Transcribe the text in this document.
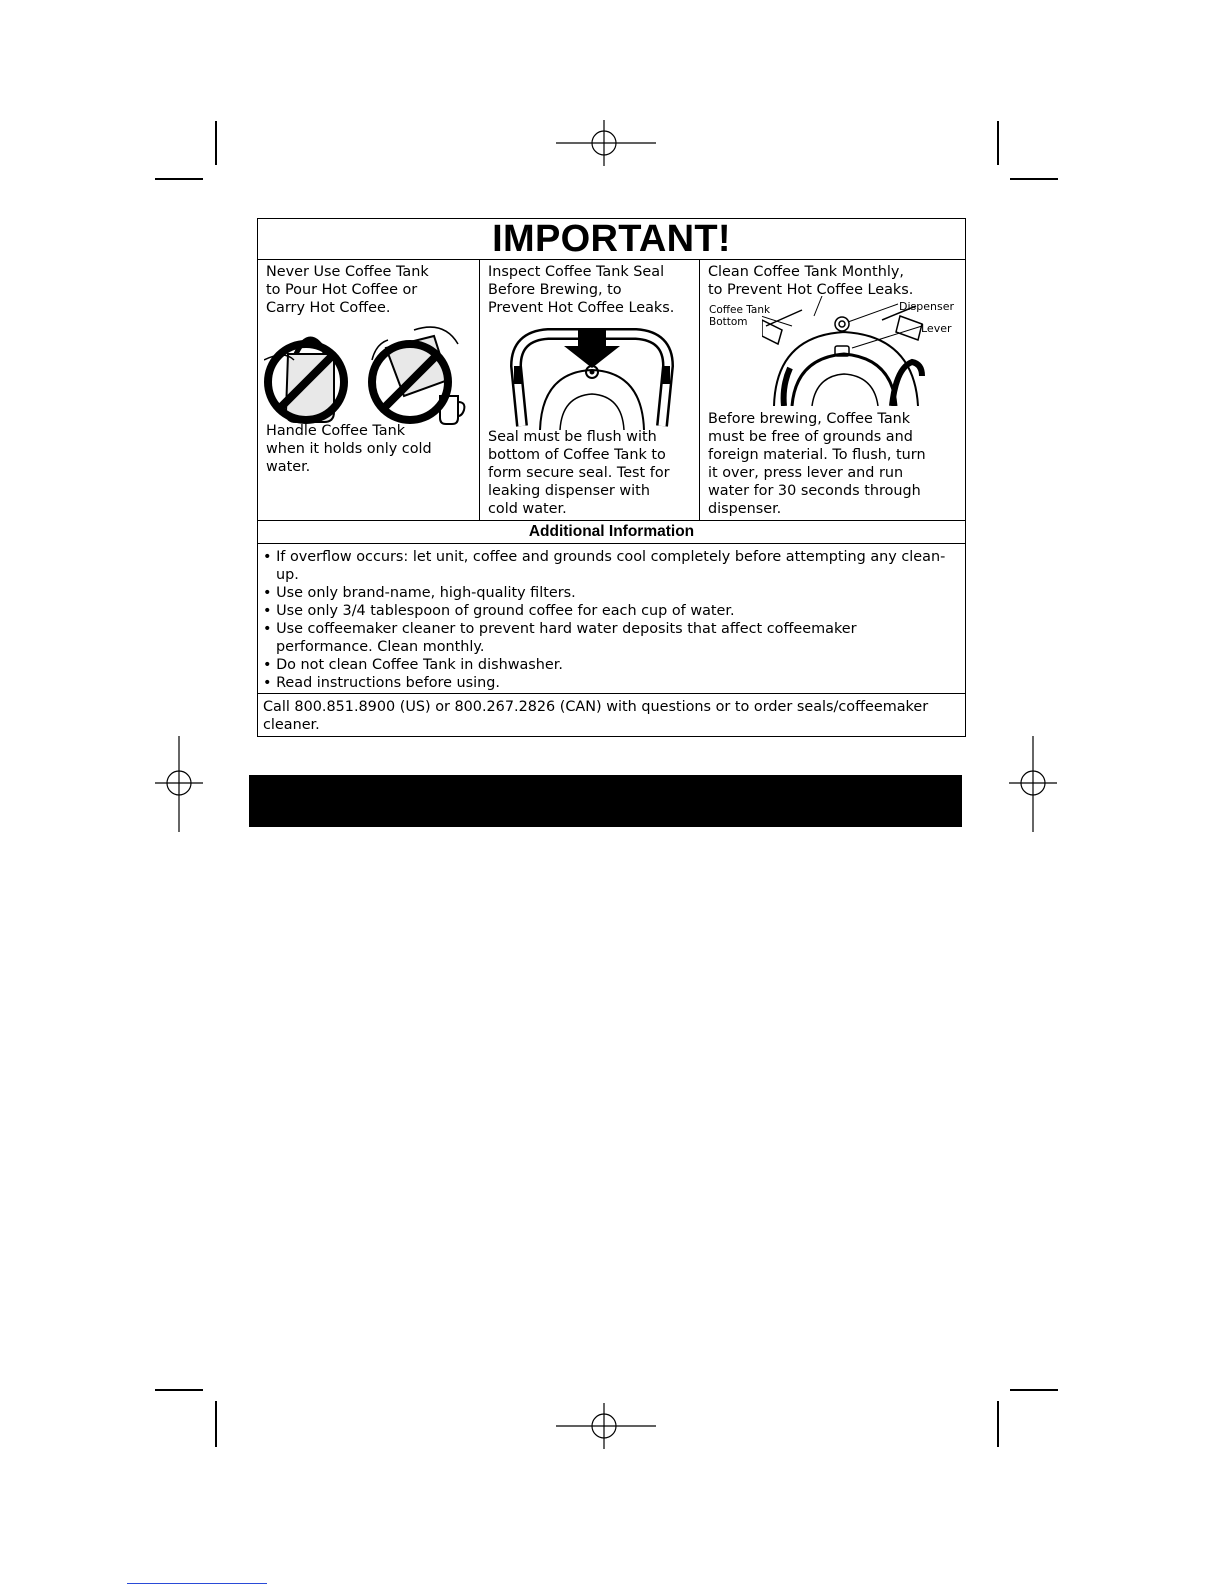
IMPORTANT!
Never Use Coffee Tank
to Pour Hot Coffee or
Carry Hot Coffee.
Handle Coffee Tank
when it holds only cold
water.
Inspect Coffee Tank Seal
Before Brewing, to
Prevent Hot Coffee Leaks.
Seal must be flush with
bottom of Coffee Tank to
form secure seal. Test for
leaking dispenser with
cold water.
Clean Coffee Tank Monthly,
to Prevent Hot Coffee Leaks.
Coffee Tank
Bottom
Dispenser
Lever
Before brewing, Coffee Tank
must be free of grounds and
foreign material. To flush, turn
it over, press lever and run
water for 30 seconds through
dispenser.
Additional Information
• If overflow occurs: let unit, coffee and grounds cool completely before attempting any clean-up.
• Use only brand-name, high-quality filters.
• Use only 3/4 tablespoon of ground coffee for each cup of water.
• Use coffeemaker cleaner to prevent hard water deposits that affect coffeemaker performance. Clean monthly.
• Do not clean Coffee Tank in dishwasher.
• Read instructions before using.
Call 800.851.8900 (US) or 800.267.2826 (CAN) with questions or to order seals/coffeemaker cleaner.
